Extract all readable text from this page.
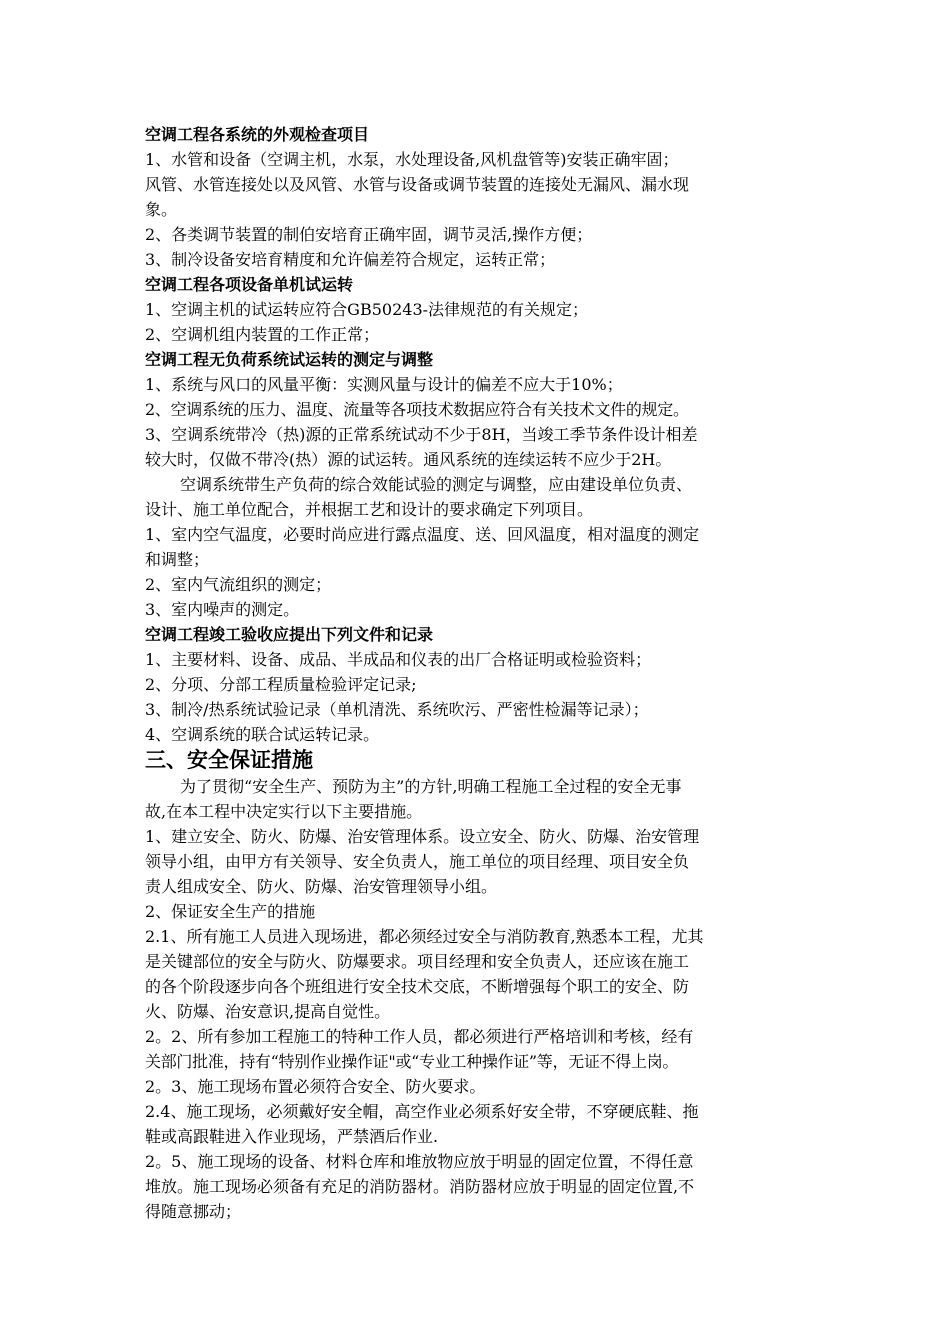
空调工程各系统的外观检查项目
1、水管和设备（空调主机，水泵，水处理设备,风机盘管等)安装正确牢固；
风管、水管连接处以及风管、水管与设备或调节装置的连接处无漏风、漏水现
象。
2、各类调节装置的制伯安培育正确牢固，调节灵活,操作方便；
3、制冷设备安培育精度和允许偏差符合规定，运转正常；
空调工程各项设备单机试运转
1、空调主机的试运转应符合GB50243-法律规范的有关规定；
2、空调机组内装置的工作正常；
空调工程无负荷系统试运转的测定与调整
1、系统与风口的风量平衡：实测风量与设计的偏差不应大于10%；
2、空调系统的压力、温度、流量等各项技术数据应符合有关技术文件的规定。
3、空调系统带冷（热)源的正常系统试动不少于8H，当竣工季节条件设计相差
较大时，仅做不带冷(热）源的试运转。通风系统的连续运转不应少于2H。
空调系统带生产负荷的综合效能试验的测定与调整，应由建设单位负责、
设计、施工单位配合，并根据工艺和设计的要求确定下列项目。
1、室内空气温度，必要时尚应进行露点温度、送、回风温度，相对温度的测定
和调整；
2、室内气流组织的测定；
3、室内噪声的测定。
空调工程竣工验收应提出下列文件和记录
1、主要材料、设备、成品、半成品和仪表的出厂合格证明或检验资料；
2、分项、分部工程质量检验评定记录;
3、制冷/热系统试验记录（单机清洗、系统吹污、严密性检漏等记录）；
4、空调系统的联合试运转记录。
三、安全保证措施
为了贯彻“安全生产、预防为主”的方针,明确工程施工全过程的安全无事
故,在本工程中决定实行以下主要措施。
1、建立安全、防火、防爆、治安管理体系。设立安全、防火、防爆、治安管理
领导小组，由甲方有关领导、安全负责人，施工单位的项目经理、项目安全负
责人组成安全、防火、防爆、治安管理领导小组。
2、保证安全生产的措施
2.1、所有施工人员进入现场进，都必须经过安全与消防教育,熟悉本工程，尤其
是关键部位的安全与防火、防爆要求。项目经理和安全负责人，还应该在施工
的各个阶段逐步向各个班组进行安全技术交底，不断增强每个职工的安全、防
火、防爆、治安意识,提高自觉性。
2。2、所有参加工程施工的特种工作人员，都必须进行严格培训和考核，经有
关部门批准，持有“特别作业操作证"或“专业工种操作证”等，无证不得上岗。
2。3、施工现场布置必须符合安全、防火要求。
2.4、施工现场，必须戴好安全帽，高空作业必须系好安全带，不穿硬底鞋、拖
鞋或高跟鞋进入作业现场，严禁酒后作业.
2。5、施工现场的设备、材料仓库和堆放物应放于明显的固定位置，不得任意
堆放。施工现场必须备有充足的消防器材。消防器材应放于明显的固定位置,不
得随意挪动；
